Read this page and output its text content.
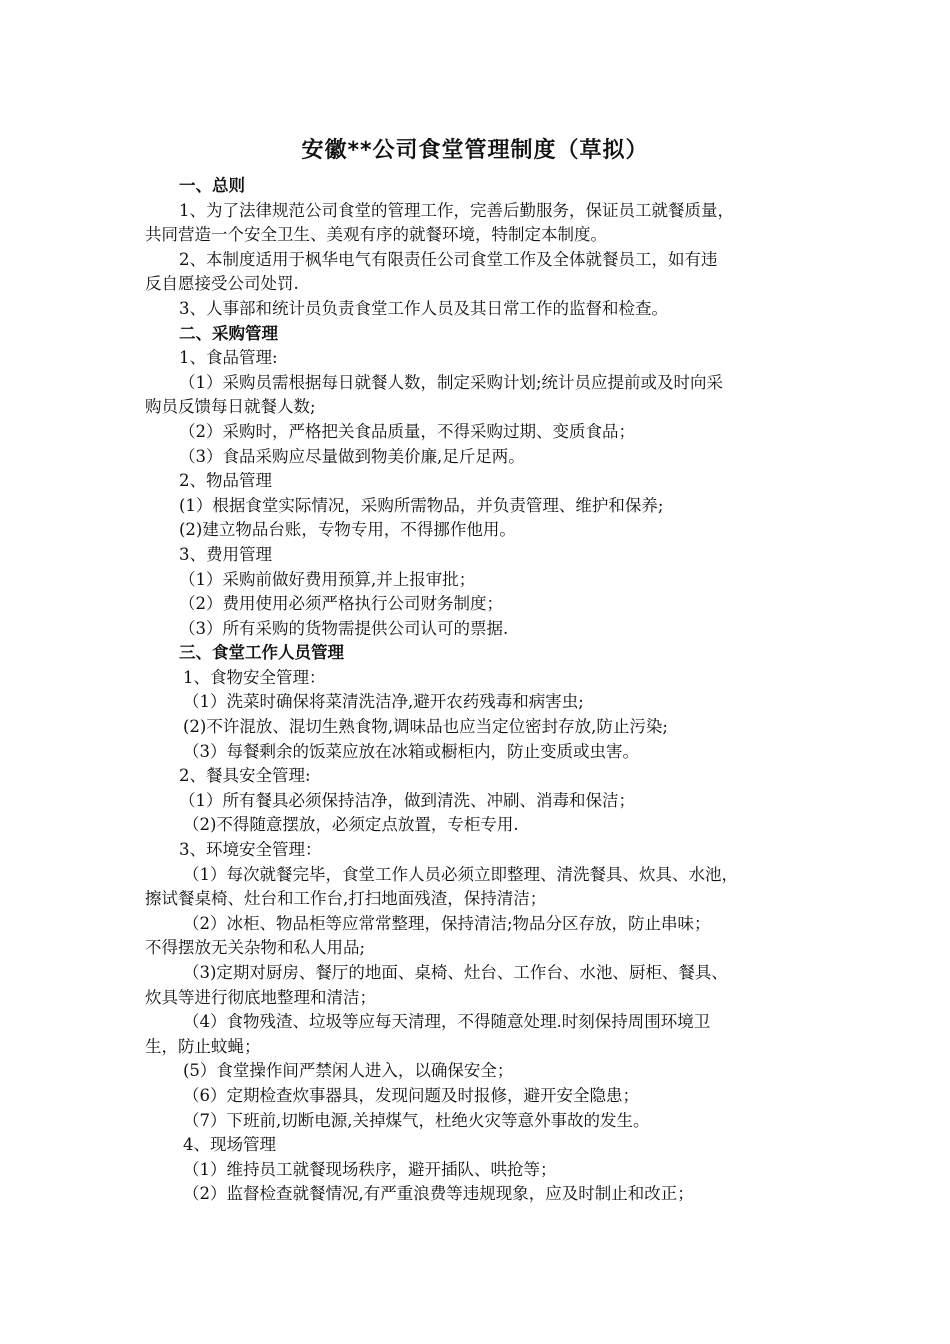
安徽**公司食堂管理制度（草拟）
一、总则
1、为了法律规范公司食堂的管理工作，完善后勤服务，保证员工就餐质量，
共同营造一个安全卫生、美观有序的就餐环境，特制定本制度。
2、本制度适用于枫华电气有限责任公司食堂工作及全体就餐员工，如有违
反自愿接受公司处罚.
3、人事部和统计员负责食堂工作人员及其日常工作的监督和检查。
二、采购管理
1、食品管理:
（1）采购员需根据每日就餐人数，制定采购计划;统计员应提前或及时向采
购员反馈每日就餐人数;
（2）采购时，严格把关食品质量，不得采购过期、变质食品；
（3）食品采购应尽量做到物美价廉,足斤足两。
2、物品管理
(1）根据食堂实际情况，采购所需物品，并负责管理、维护和保养;
(2)建立物品台账，专物专用，不得挪作他用。
3、费用管理
（1）采购前做好费用预算,并上报审批；
（2）费用使用必须严格执行公司财务制度；
（3）所有采购的货物需提供公司认可的票据.
三、食堂工作人员管理
1、食物安全管理：
（1）洗菜时确保将菜清洗洁净,避开农药残毒和病害虫;
(2)不许混放、混切生熟食物,调味品也应当定位密封存放,防止污染;
（3）每餐剩余的饭菜应放在冰箱或橱柜内，防止变质或虫害。
2、餐具安全管理:
（1）所有餐具必须保持洁净，做到清洗、冲刷、消毒和保洁；
（2)不得随意摆放，必须定点放置，专柜专用.
3、环境安全管理：
（1）每次就餐完毕，食堂工作人员必须立即整理、清洗餐具、炊具、水池，
擦试餐桌椅、灶台和工作台,打扫地面残渣，保持清洁；
（2）冰柜、物品柜等应常常整理，保持清洁;物品分区存放，防止串味；
不得摆放无关杂物和私人用品;
（3)定期对厨房、餐厅的地面、桌椅、灶台、工作台、水池、厨柜、餐具、
炊具等进行彻底地整理和清洁；
（4）食物残渣、垃圾等应每天清理，不得随意处理.时刻保持周围环境卫
生，防止蚊蝇；
(5）食堂操作间严禁闲人进入，以确保安全；
（6）定期检查炊事器具，发现问题及时报修，避开安全隐患；
（7）下班前,切断电源,关掉煤气，杜绝火灾等意外事故的发生。
4、现场管理
（1）维持员工就餐现场秩序，避开插队、哄抢等；
（2）监督检查就餐情况,有严重浪费等违规现象，应及时制止和改正；
